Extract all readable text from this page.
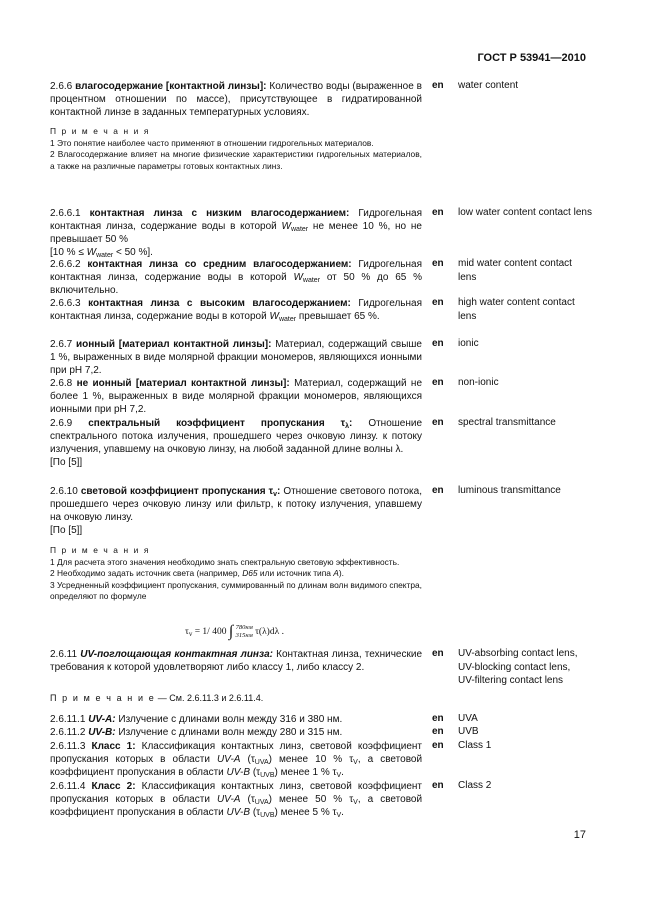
ГОСТ Р 53941—2010
2.6.6 влагосодержание [контактной линзы]: Количество воды (выраженное в процентном отношении по массе), присутствующее в гидратированной контактной линзе в заданных температурных условиях.
en water content
П р и м е ч а н и я
1 Это понятие наиболее часто применяют в отношении гидрогельных материалов.
2 Влагосодержание влияет на многие физические характеристики гидрогельных материалов, а также на различные параметры готовых контактных линз.
2.6.6.1 контактная линза с низким влагосодержанием: Гидрогельная контактная линза, содержание воды в которой $W_{water}$ не менее 10 %, но не превышает 50 %
[10 % ≤ $W_{water} < 50$ %].
en low water content contact lens
2.6.6.2 контактная линза со средним влагосодержанием: Гидрогельная контактная линза, содержание воды в которой $W_{water}$ от 50 % до 65 % включительно.
en mid water content contact lens
2.6.6.3 контактная линза с высоким влагосодержанием: Гидрогельная контактная линза, содержание воды в которой $W_{water}$ превышает 65 %.
en high water content contact lens
2.6.7 ионный [материал контактной линзы]: Материал, содержащий свыше 1 %, выраженных в виде молярной фракции мономеров, являющихся ионными при pH 7,2.
en ionic
2.6.8 не ионный [материал контактной линзы]: Материал, содержащий не более 1 %, выраженных в виде молярной фракции мономеров, являющихся ионными при pH 7,2.
en non-ionic
2.6.9 спектральный коэффициент пропускания $\tau_\lambda$: Отношение спектрального потока излучения, прошедшего через очковую линзу. к потоку излучения, упавшему на очковую линзу, на любой заданной длине волны λ.
[По [5]]
en spectral transmittance
2.6.10 световой коэффициент пропускания $\tau_v$: Отношение светового потока, прошедшего через очковую линзу или фильтр, к потоку излучения, упавшему на очковую линзу.
[По [5]]
en luminous transmittance
П р и м е ч а н и я
1 Для расчета этого значения необходимо знать спектральную световую эффективность.
2 Необходимо задать источник света (например, D65 или источник типа A).
3 Усредненный коэффициент пропускания, суммированный по длинам волн видимого спектра, определяют по формуле
$\tau_v = 1/$ 400 ∫ 780нм
315нм τ(λ)dλ .
2.6.11 UV-поглощающая контактная линза: Контактная линза, технические требования к которой удовлетворяют либо классу 1, либо классу 2.
en UV-absorbing contact lens,
UV-blocking contact lens,
UV-filtering contact lens
П р и м е ч а н и е — См. 2.6.11.3 и 2.6.11.4.
2.6.11.1 UV-A: Излучение с длинами волн между 316 и 380 нм.	en UVA
2.6.11.2 UV-B: Излучение с длинами волн между 280 и 315 нм.	en UVB
2.6.11.3 Класс 1: Классификация контактных линз, световой коэффициент пропускания которых в области UV-A $(\tau_{UVA})$ менее 10 % $\tau_V$, а световой коэффициент пропускания в области UV-B $(\tau_{UVB})$ менее 1 % $\tau_V$.
en Class 1
2.6.11.4 Класс 2: Классификация контактных линз, световой коэффициент пропускания которых в области UV-A $(\tau_{UVA})$ менее 50 % $\tau_V$, а световой коэффициент пропускания в области UV-B $(\tau_{UVB})$ менее 5 % $\tau_V$.
en Class 2
17
